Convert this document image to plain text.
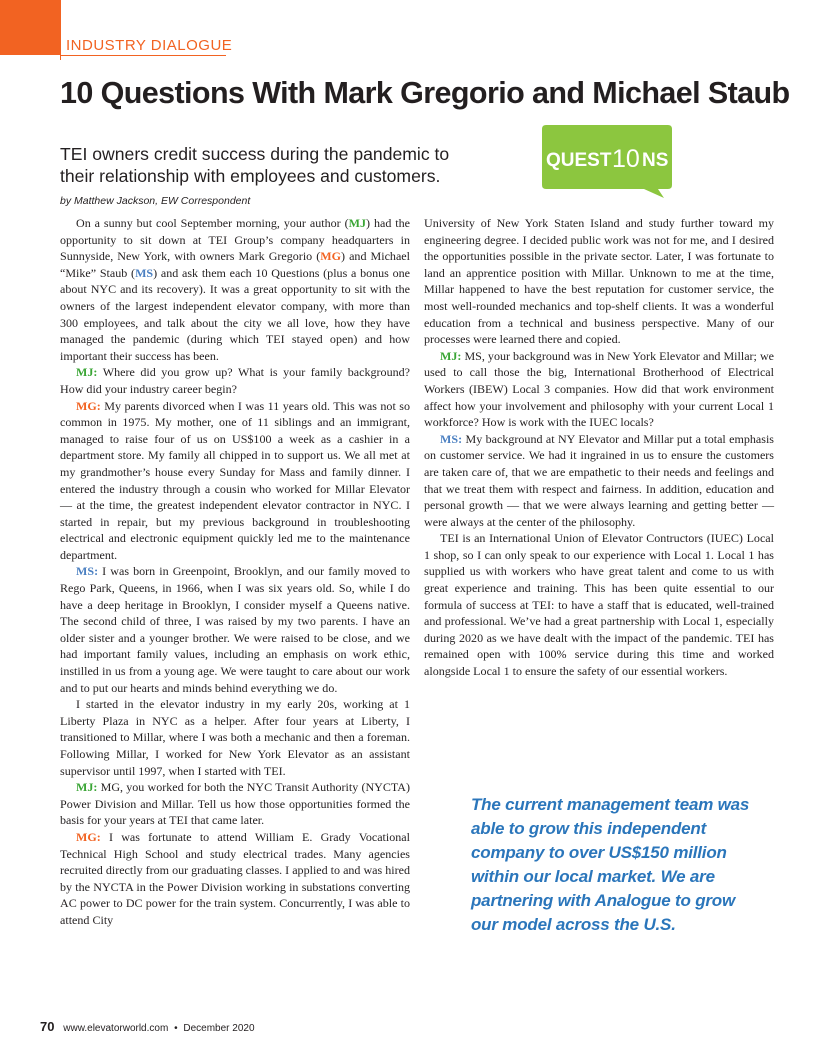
INDUSTRY DIALOGUE
10 Questions With Mark Gregorio and Michael Staub

TEI owners credit success during the pandemic to their relationship with employees and customers.

by Matthew Jackson, EW Correspondent
QUEST 10 NS

On a sunny but cool September morning, your author (MJ) had the opportunity to sit down at TEI Group’s company headquarters in Sunnyside, New York, with owners Mark Gregorio (MG) and Michael “Mike” Staub (MS) and ask them each 10 Questions (plus a bonus one about NYC and its recovery). It was a great opportunity to sit with the owners of the largest independent elevator company, with more than 300 employees, and talk about the city we all love, how they have managed the pandemic (during which TEI stayed open) and how important their success has been.

MJ: Where did you grow up? What is your family background? How did your industry career begin?

MG: My parents divorced when I was 11 years old. This was not so common in 1975. My mother, one of 11 siblings and an immigrant, managed to raise four of us on US$100 a week as a cashier in a department store. My family all chipped in to support us. We all met at my grandmother’s house every Sunday for Mass and family dinner. I entered the industry through a cousin who worked for Millar Elevator — at the time, the greatest independent elevator contractor in NYC. I started in repair, but my previous background in troubleshooting electrical and electronic equipment quickly led me to the maintenance department.

MS: I was born in Greenpoint, Brooklyn, and our family moved to Rego Park, Queens, in 1966, when I was six years old. So, while I do have a deep heritage in Brooklyn, I consider myself a Queens native. The second child of three, I was raised by my two parents. I have an older sister and a younger brother. We were raised to be close, and we had important family values, including an emphasis on work ethic, instilled in us from a young age. We were taught to care about our work and to put our hearts and minds behind everything we do.

I started in the elevator industry in my early 20s, working at 1 Liberty Plaza in NYC as a helper. After four years at Liberty, I transitioned to Millar, where I was both a mechanic and then a foreman. Following Millar, I worked for New York Elevator as an assistant supervisor until 1997, when I started with TEI.

MJ: MG, you worked for both the NYC Transit Authority (NYCTA) Power Division and Millar. Tell us how those opportunities formed the basis for your years at TEI that came later.

MG: I was fortunate to attend William E. Grady Vocational Technical High School and study electrical trades. Many agencies recruited directly from our graduating classes. I applied to and was hired by the NYCTA in the Power Division working in substations converting AC power to DC power for the train system. Concurrently, I was able to attend City

University of New York Staten Island and study further toward my engineering degree. I decided public work was not for me, and I desired the opportunities possible in the private sector. Later, I was fortunate to land an apprentice position with Millar. Unknown to me at the time, Millar happened to have the best reputation for customer service, the most well-rounded mechanics and top-shelf clients. It was a wonderful education from a technical and business perspective. Many of our processes were learned there and copied.

MJ: MS, your background was in New York Elevator and Millar; we used to call those the big, International Brotherhood of Electrical Workers (IBEW) Local 3 companies. How did that work environment affect how your involvement and philosophy with your current Local 1 workforce? How is work with the IUEC locals?

MS: My background at NY Elevator and Millar put a total emphasis on customer service. We had it ingrained in us to ensure the customers are taken care of, that we are empathetic to their needs and feelings and that we treat them with respect and fairness. In addition, education and personal growth — that we were always learning and getting better — were always at the center of the philosophy.

TEI is an International Union of Elevator Contructors (IUEC) Local 1 shop, so I can only speak to our experience with Local 1. Local 1 has supplied us with workers who have great talent and come to us with great experience and training. This has been quite essential to our formula of success at TEI: to have a staff that is educated, well-trained and professional. We’ve had a great partnership with Local 1, especially during 2020 as we have dealt with the impact of the pandemic. TEI has remained open with 100% service during this time and worked alongside Local 1 to ensure the safety of our essential workers.

The current management team was able to grow this independent company to over US$150 million within our local market. We are partnering with Analogue to grow our model across the U.S.

70 www.elevatorworld.com • December 2020
